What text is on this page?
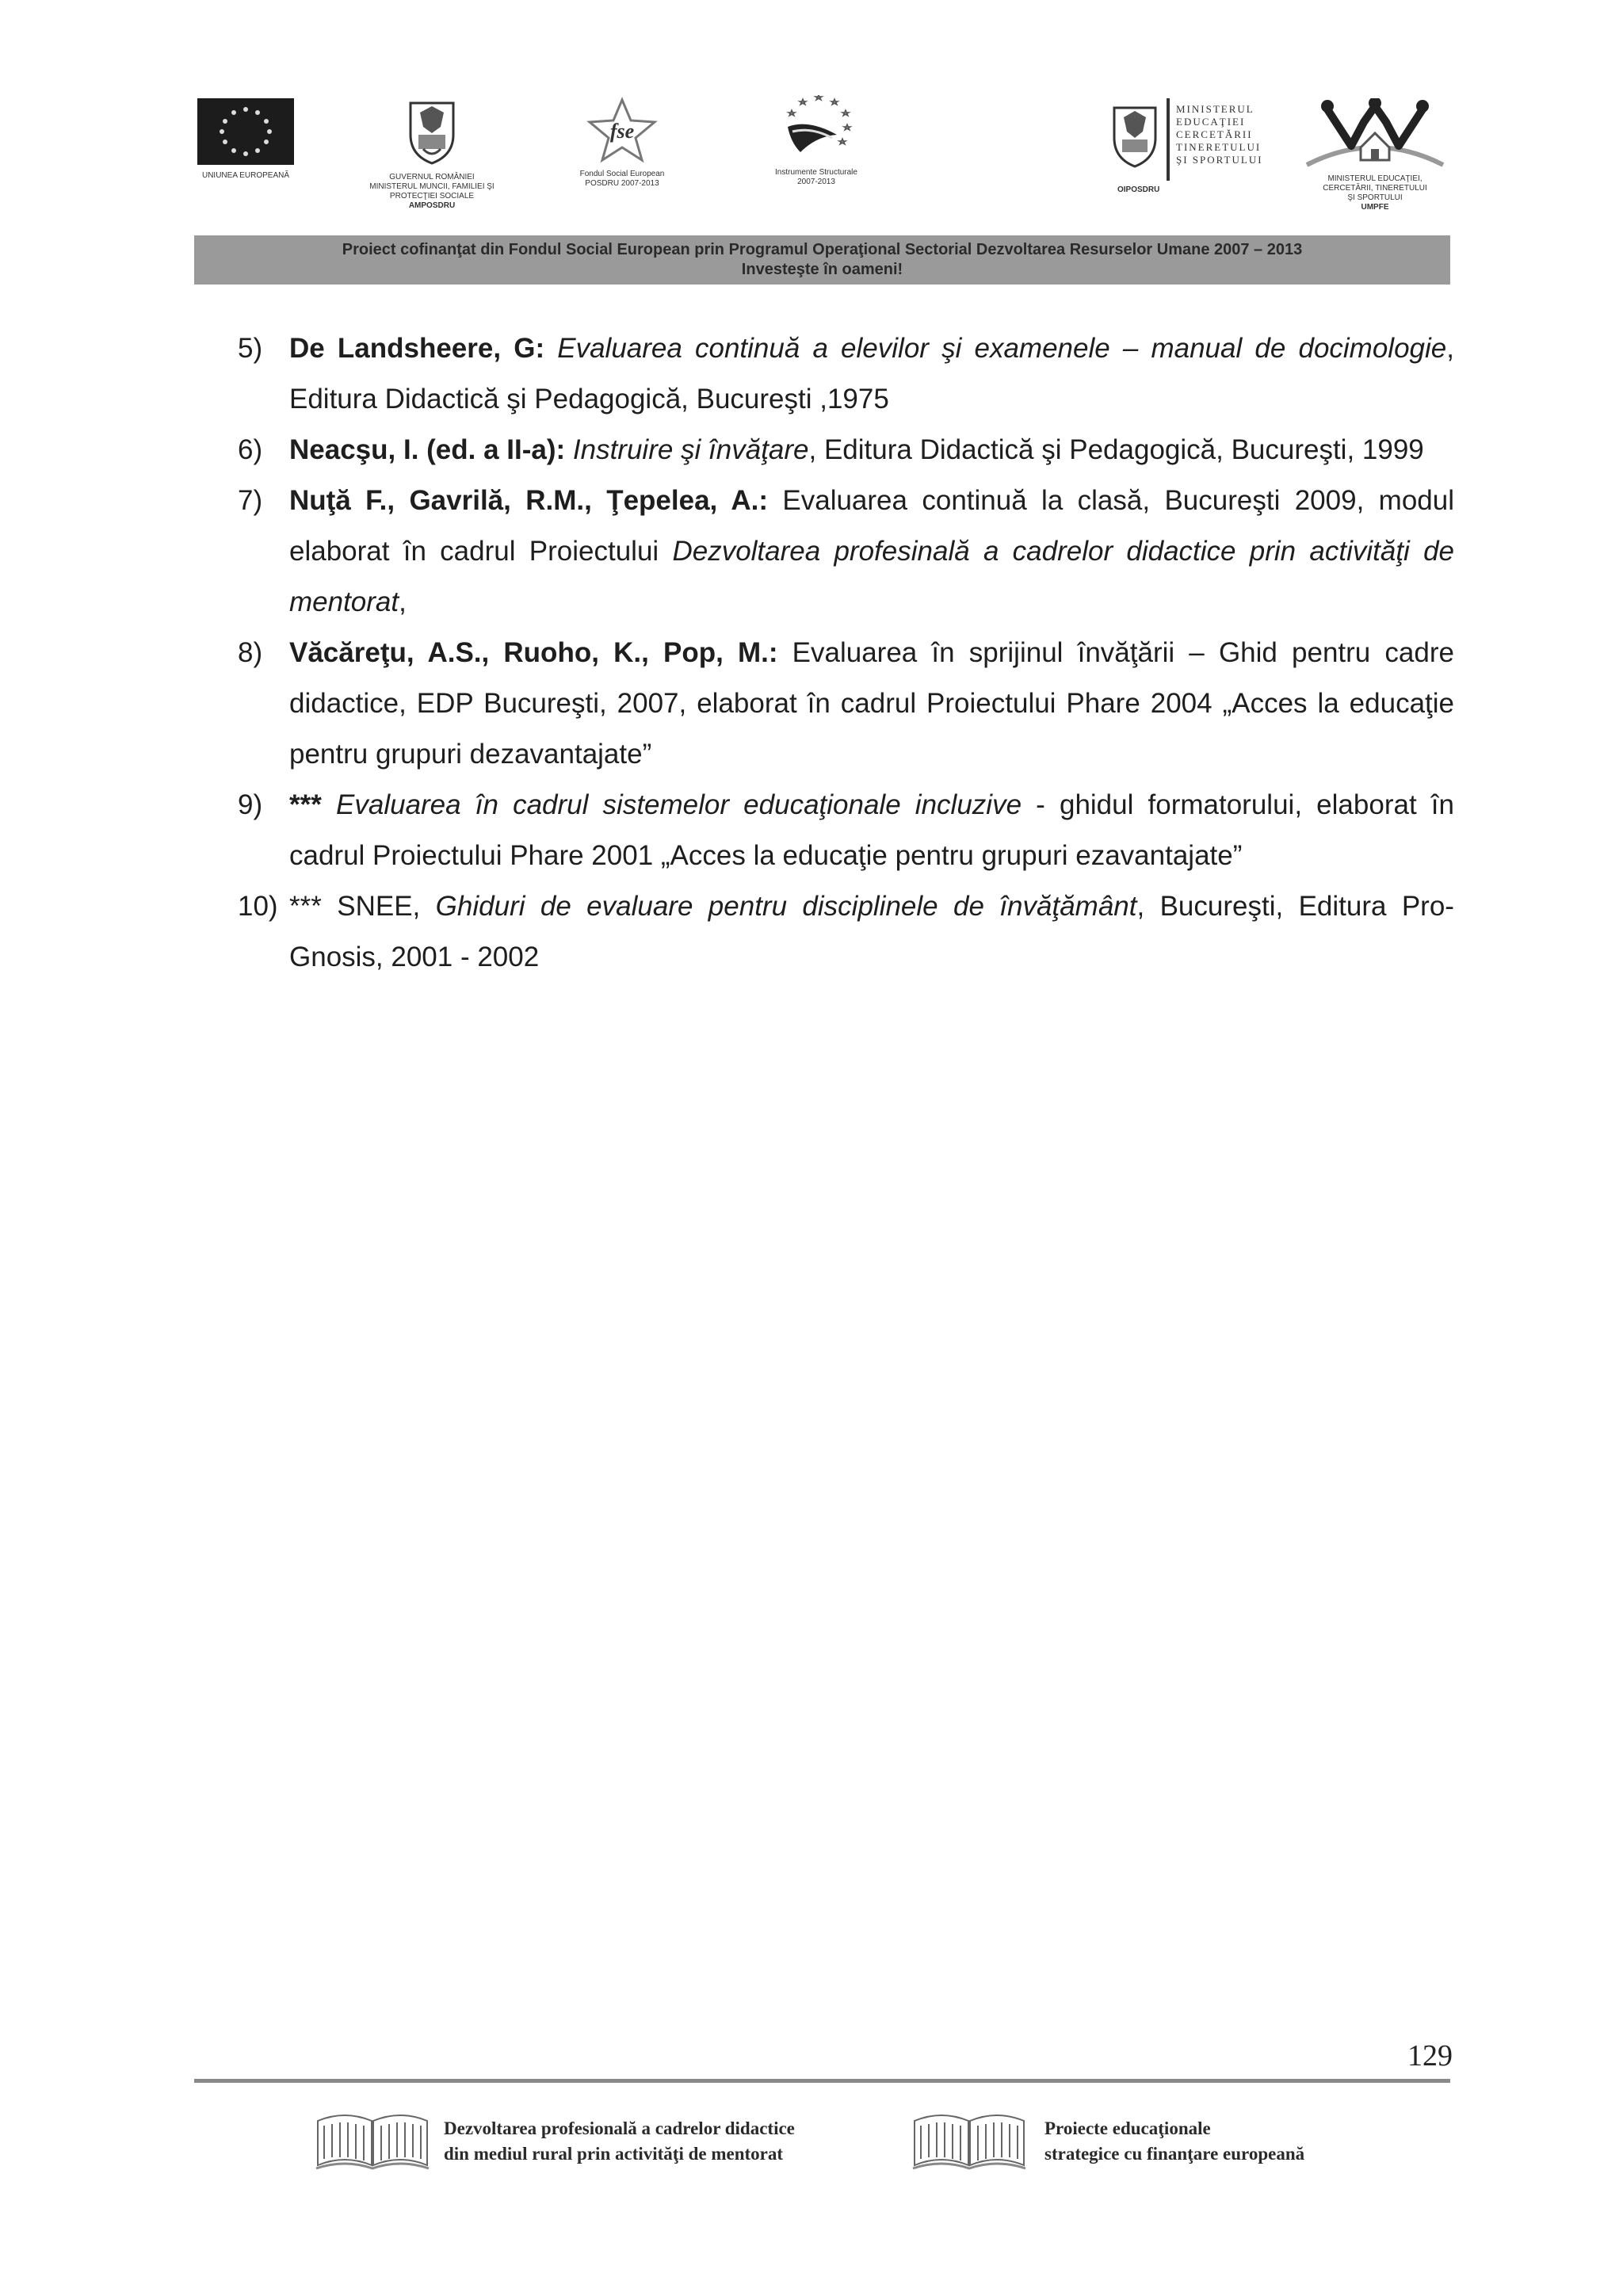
UNIUNEA EUROPEANĂ	GUVERNUL ROMÂNIEI
MINISTERUL MUNCII, FAMILIEI ŞI
PROTECŢIEI SOCIALE
AMPOSDRU
fse
Fondul Social European
POSDRU 2007-2013
Instrumente Structurale
2007-2013
MINISTERUL
EDUCAŢIEI
CERCETĂRII
TINERETULUI
ŞI SPORTULUI
OIPOSDRU
MINISTERUL EDUCAŢIEI,
CERCETĂRII, TINERETULUI
ŞI SPORTULUI
UMPFE
Proiect cofinanţat din Fondul Social European prin Programul Operaţional Sectorial Dezvoltarea Resurselor Umane 2007 – 2013
Investeşte în oameni!
5) De Landsheere, G: Evaluarea continuă a elevilor şi examenele – manual de docimologie, Editura Didactică şi Pedagogică, Bucureşti ,1975
6) Neacşu, I. (ed. a II-a): Instruire şi învăţare, Editura Didactică şi Pedagogică, Bucureşti, 1999
7) Nuţă F., Gavrilă, R.M., Ţepelea, A.: Evaluarea continuă la clasă, Bucureşti 2009, modul elaborat în cadrul Proiectului Dezvoltarea profesinală a cadrelor didactice prin activităţi de mentorat,
8) Văcăreţu, A.S., Ruoho, K., Pop, M.: Evaluarea în sprijinul învăţării – Ghid pentru cadre didactice, EDP Bucureşti, 2007, elaborat în cadrul Proiectului Phare 2004 „Acces la educaţie pentru grupuri dezavantajate”
9) *** Evaluarea în cadrul sistemelor educaţionale incluzive - ghidul formatorului, elaborat în cadrul Proiectului Phare 2001 „Acces la educaţie pentru grupuri ezavantajate”
10) *** SNEE, Ghiduri de evaluare pentru disciplinele de învăţământ, Bucureşti, Editura Pro-Gnosis, 2001 - 2002
129
Dezvoltarea profesională a cadrelor didactice
din mediul rural prin activităţi de mentorat
Proiecte educaţionale
strategice cu finanţare europeană
